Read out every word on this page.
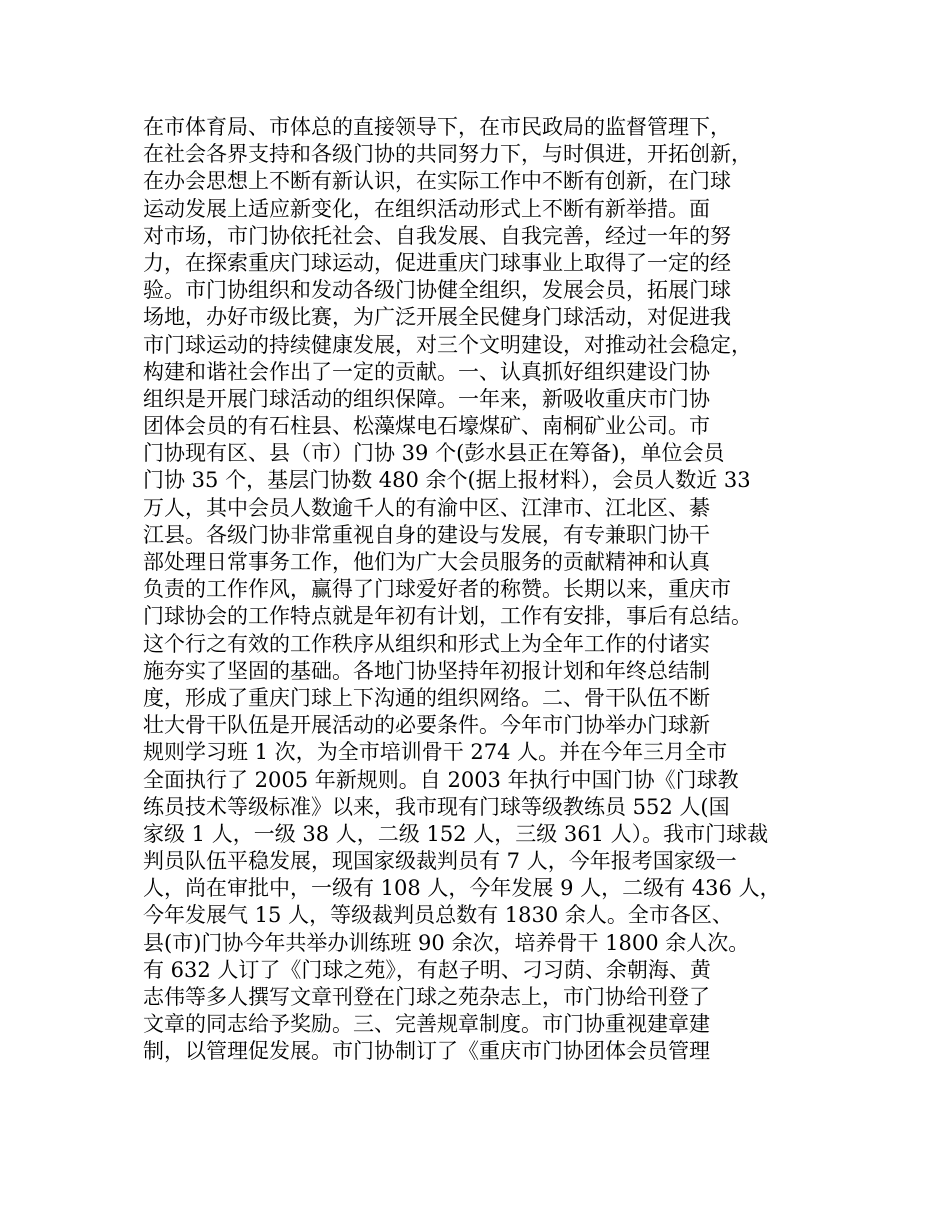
在市体育局、市体总的直接领导下，在市民政局的监督管理下，
在社会各界支持和各级门协的共同努力下，与时俱进，开拓创新，
在办会思想上不断有新认识，在实际工作中不断有创新，在门球
运动发展上适应新变化，在组织活动形式上不断有新举措。面
对市场，市门协依托社会、自我发展、自我完善，经过一年的努
力，在探索重庆门球运动，促进重庆门球事业上取得了一定的经
验。市门协组织和发动各级门协健全组织，发展会员，拓展门球
场地，办好市级比赛，为广泛开展全民健身门球活动，对促进我
市门球运动的持续健康发展，对三个文明建设，对推动社会稳定，
构建和谐社会作出了一定的贡献。一、认真抓好组织建设门协
组织是开展门球活动的组织保障。一年来，新吸收重庆市门协
团体会员的有石柱县、松藻煤电石壕煤矿、南桐矿业公司。市
门协现有区、县（市）门协 39 个(彭水县正在筹备)，单位会员
门协 35 个，基层门协数 480 余个(据上报材料），会员人数近 33
万人，其中会员人数逾千人的有渝中区、江津市、江北区、綦
江县。各级门协非常重视自身的建设与发展，有专兼职门协干
部处理日常事务工作，他们为广大会员服务的贡献精神和认真
负责的工作作风，赢得了门球爱好者的称赞。长期以来，重庆市
门球协会的工作特点就是年初有计划，工作有安排，事后有总结。
这个行之有效的工作秩序从组织和形式上为全年工作的付诸实
施夯实了坚固的基础。各地门协坚持年初报计划和年终总结制
度，形成了重庆门球上下沟通的组织网络。二、骨干队伍不断
壮大骨干队伍是开展活动的必要条件。今年市门协举办门球新
规则学习班 1 次，为全市培训骨干 274 人。并在今年三月全市
全面执行了 2005 年新规则。自 2003 年执行中国门协《门球教
练员技术等级标准》以来，我市现有门球等级教练员 552 人(国
家级 1 人，一级 38 人，二级 152 人，三级 361 人）。我市门球裁
判员队伍平稳发展，现国家级裁判员有 7 人，今年报考国家级一
人，尚在审批中，一级有 108 人，今年发展 9 人，二级有 436 人，
今年发展气 15 人，等级裁判员总数有 1830 余人。全市各区、
县(市)门协今年共举办训练班 90 余次，培养骨干 1800 余人次。
有 632 人订了《门球之苑》，有赵子明、刁习荫、余朝海、黄
志伟等多人撰写文章刊登在门球之苑杂志上，市门协给刊登了
文章的同志给予奖励。三、完善规章制度。市门协重视建章建
制，以管理促发展。市门协制订了《重庆市门协团体会员管理
